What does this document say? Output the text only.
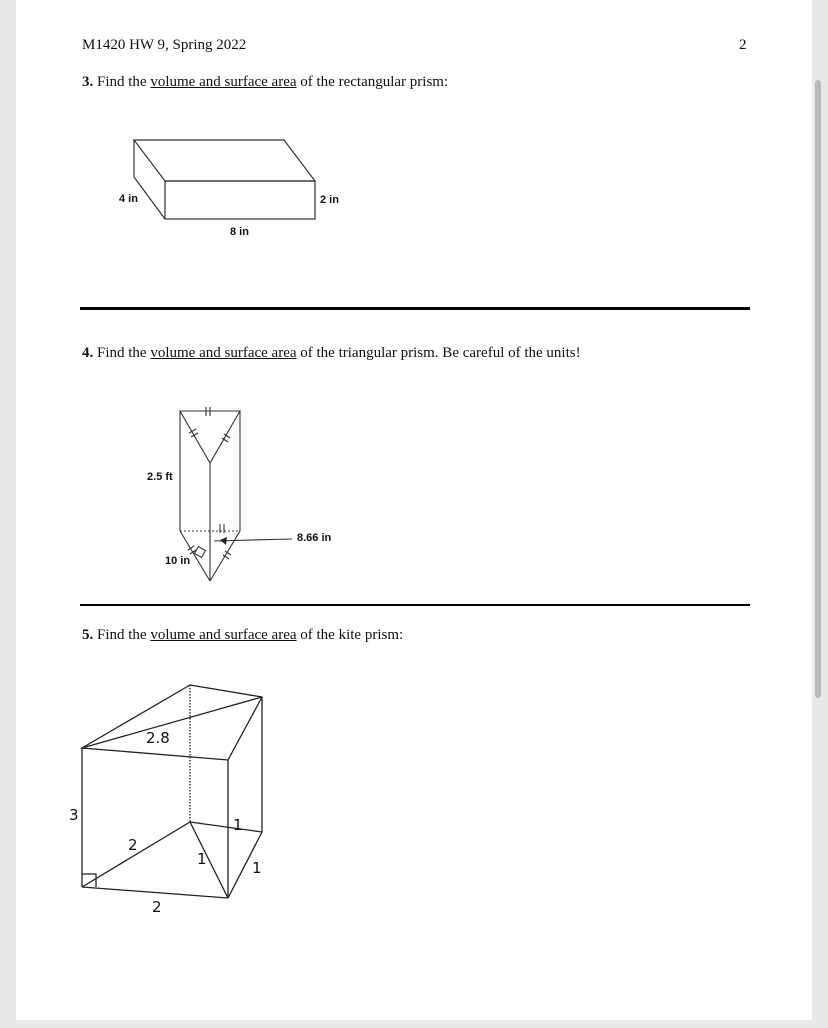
M1420 HW 9, Spring 2022	2
3. Find the volume and surface area of the rectangular prism:
4 in	2 in
8 in
2.5 ft
10 in
8.66 in
2.8
3
2
2
1	1
1
4. Find the volume and surface area of the triangular prism. Be careful of the units!
5. Find the volume and surface area of the kite prism:
